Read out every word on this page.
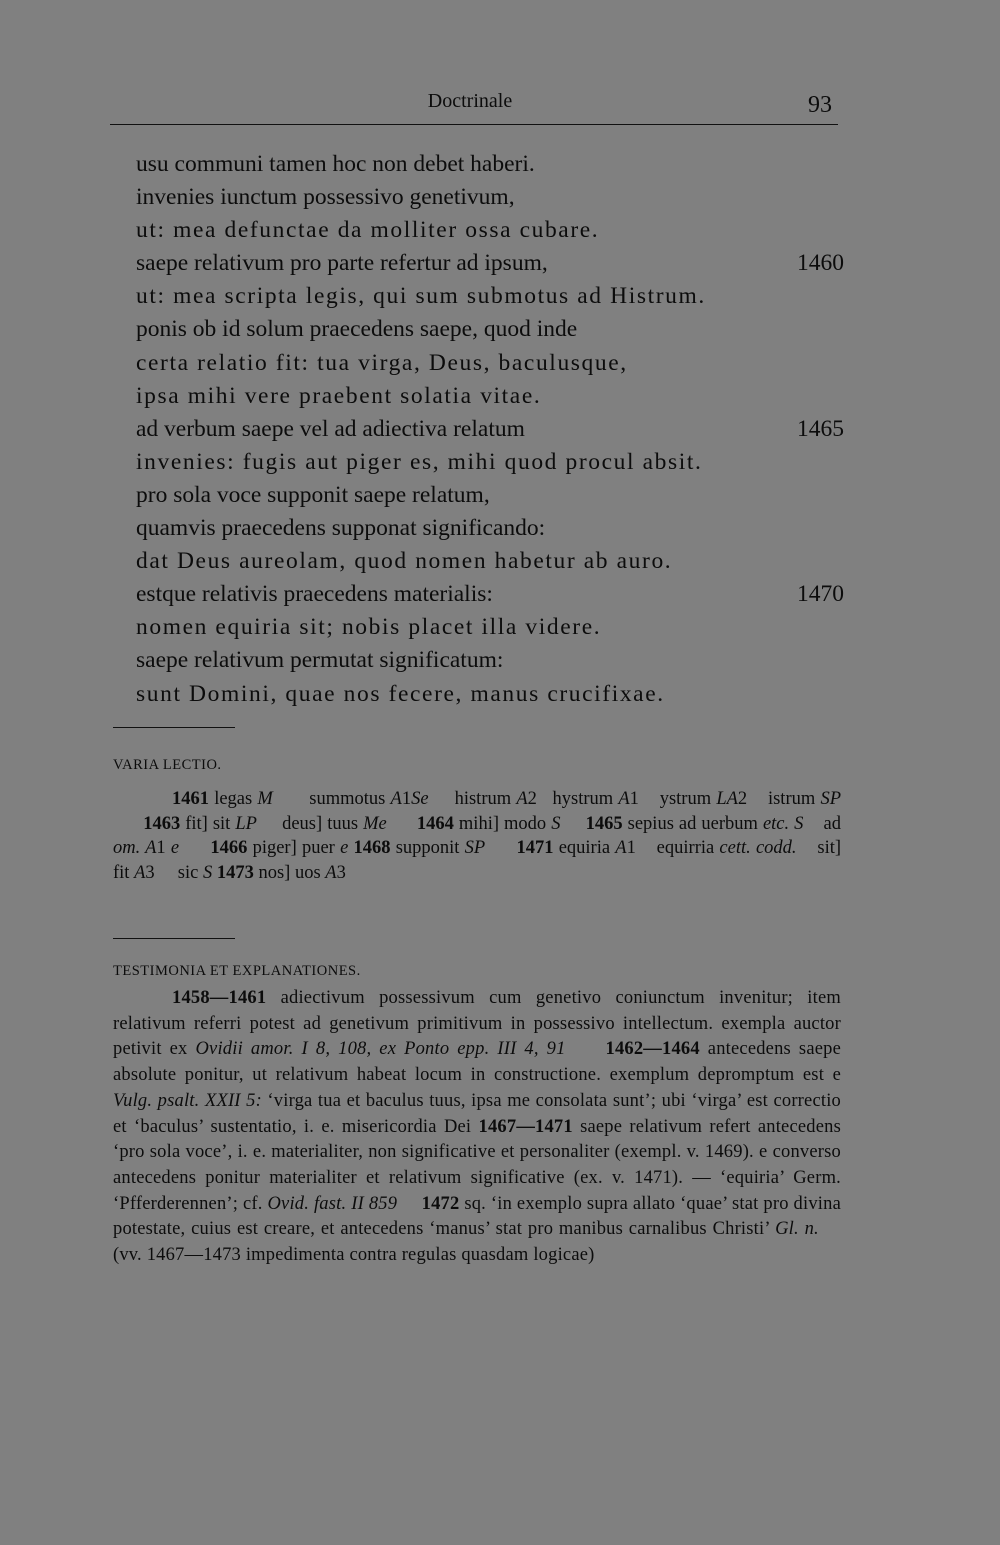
Doctrinale	93
usu communi tamen hoc non debet haberi.
invenies iunctum possessivo genetivum,
ut: mea defunctae da molliter ossa cubare.
saepe relativum pro parte refertur ad ipsum,	1460
ut: mea scripta legis, qui sum submotus ad Histrum.
ponis ob id solum praecedens saepe, quod inde
certa relatio fit: tua virga, Deus, baculusque,
ipsa mihi vere praebent solatia vitae.
ad verbum saepe vel ad adiectiva relatum	1465
invenies: fugis aut piger es, mihi quod procul absit.
pro sola voce supponit saepe relatum,
quamvis praecedens supponat significando:
dat Deus aureolam, quod nomen habetur ab auro.
estque relativis praecedens materialis:	1470
nomen equiria sit; nobis placet illa videre.
saepe relativum permutat significatum:
sunt Domini, quae nos fecere, manus crucifixae.
VARIA LECTIO.

1461 legas M       summotus A1Se     histrum A2   hystrum A1    ystrum LA2    istrum SP       1463 fit] sit LP     deus] tuus Me 1464 mihi] modo S 1465 sepius ad uerbum etc. S    ad om. A1 e 1466 piger] puer e 1468 supponit SP 1471 equiria A1    equirria cett. codd.    sit] fit A3     sic S 1473 nos] uos A3

TESTIMONIA ET EXPLANATIONES.

1458—1461 adiectivum possessivum cum genetivo coniunctum invenitur; item relativum referri potest ad genetivum primitivum in possessivo intellectum. exempla auctor petivit ex Ovidii amor. I 8, 108, ex Ponto epp. III 4, 91 1462—1464 antecedens saepe absolute ponitur, ut relativum habeat locum in constructione. exemplum depromptum est e Vulg. psalt. XXII 5: ‘virga tua et baculus tuus, ipsa me consolata sunt’; ubi ‘virga’ est correctio et ‘baculus’ sustentatio, i. e. misericordia Dei 1467—1471 saepe relativum refert antecedens ‘pro sola voce’, i. e. materialiter, non significative et personaliter (exempl. v. 1469). e converso antecedens ponitur materialiter et relativum significative (ex. v. 1471). — ‘equiria’ Germ. ‘Pfferderennen’; cf. Ovid. fast. II 859 1472 sq. ‘in exemplo supra allato ‘quae’ stat pro divina potestate, cuius est creare, et antecedens ‘manus’ stat pro manibus carnalibus Christi’ Gl. n.     (vv. 1467—1473 impedimenta contra regulas quasdam logicae)
